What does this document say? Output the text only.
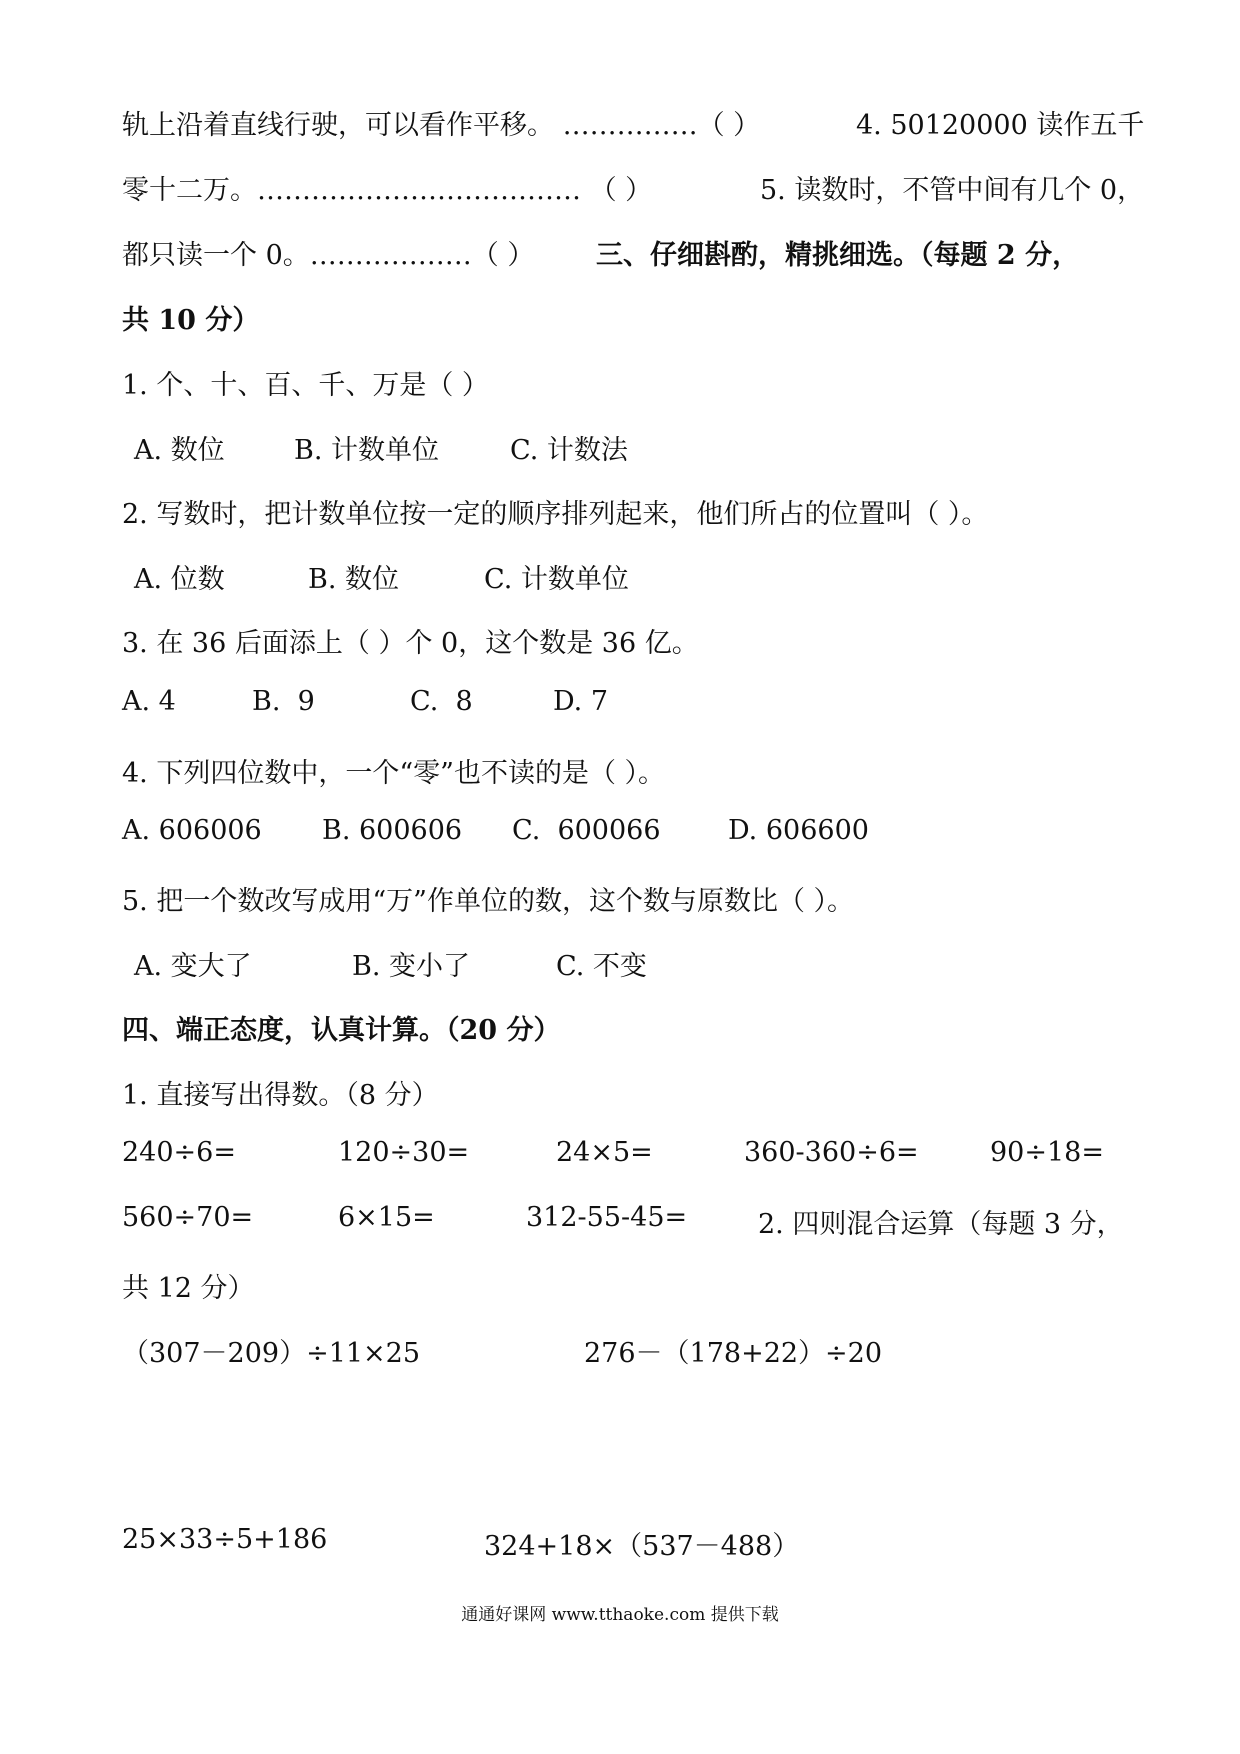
轨上沿着直线行驶，可以看作平移。 ……………（ ）	4. 50120000 读作五千
零十二万。……………………………… （ ）	5. 读数时，不管中间有几个 0，
都只读一个 0。………………（ ） 三、仔细斟酌，精挑细选。（每题 2 分，
共 10 分）
1. 个、十、百、千、万是（ ）
A. 数位	B. 计数单位	C. 计数法
2. 写数时，把计数单位按一定的顺序排列起来，他们所占的位置叫（ ）。
A. 位数	B. 数位	C. 计数单位
3. 在 36 后面添上（ ）个 0，这个数是 36 亿。
A. 4	B.  9	C.  8	D. 7
4. 下列四位数中，一个“零”也不读的是（ ）。
A. 606006 B. 600606 C.  600066 D. 606600
5. 把一个数改写成用“万”作单位的数，这个数与原数比（ ）。
A. 变大了	B. 变小了	C. 不变
四、端正态度，认真计算。（20 分）
1. 直接写出得数。（8 分）
240÷6=	120÷30=	24×5=	360-360÷6=	90÷18=
560÷70=	6×15=	312-55-45=	2. 四则混合运算（每题 3 分，
共 12 分）
（307－209）÷11×25	276－（178+22）÷20
25×33÷5+186	324+18×（537－488）
通通好课网 www.tthaoke.com 提供下载
